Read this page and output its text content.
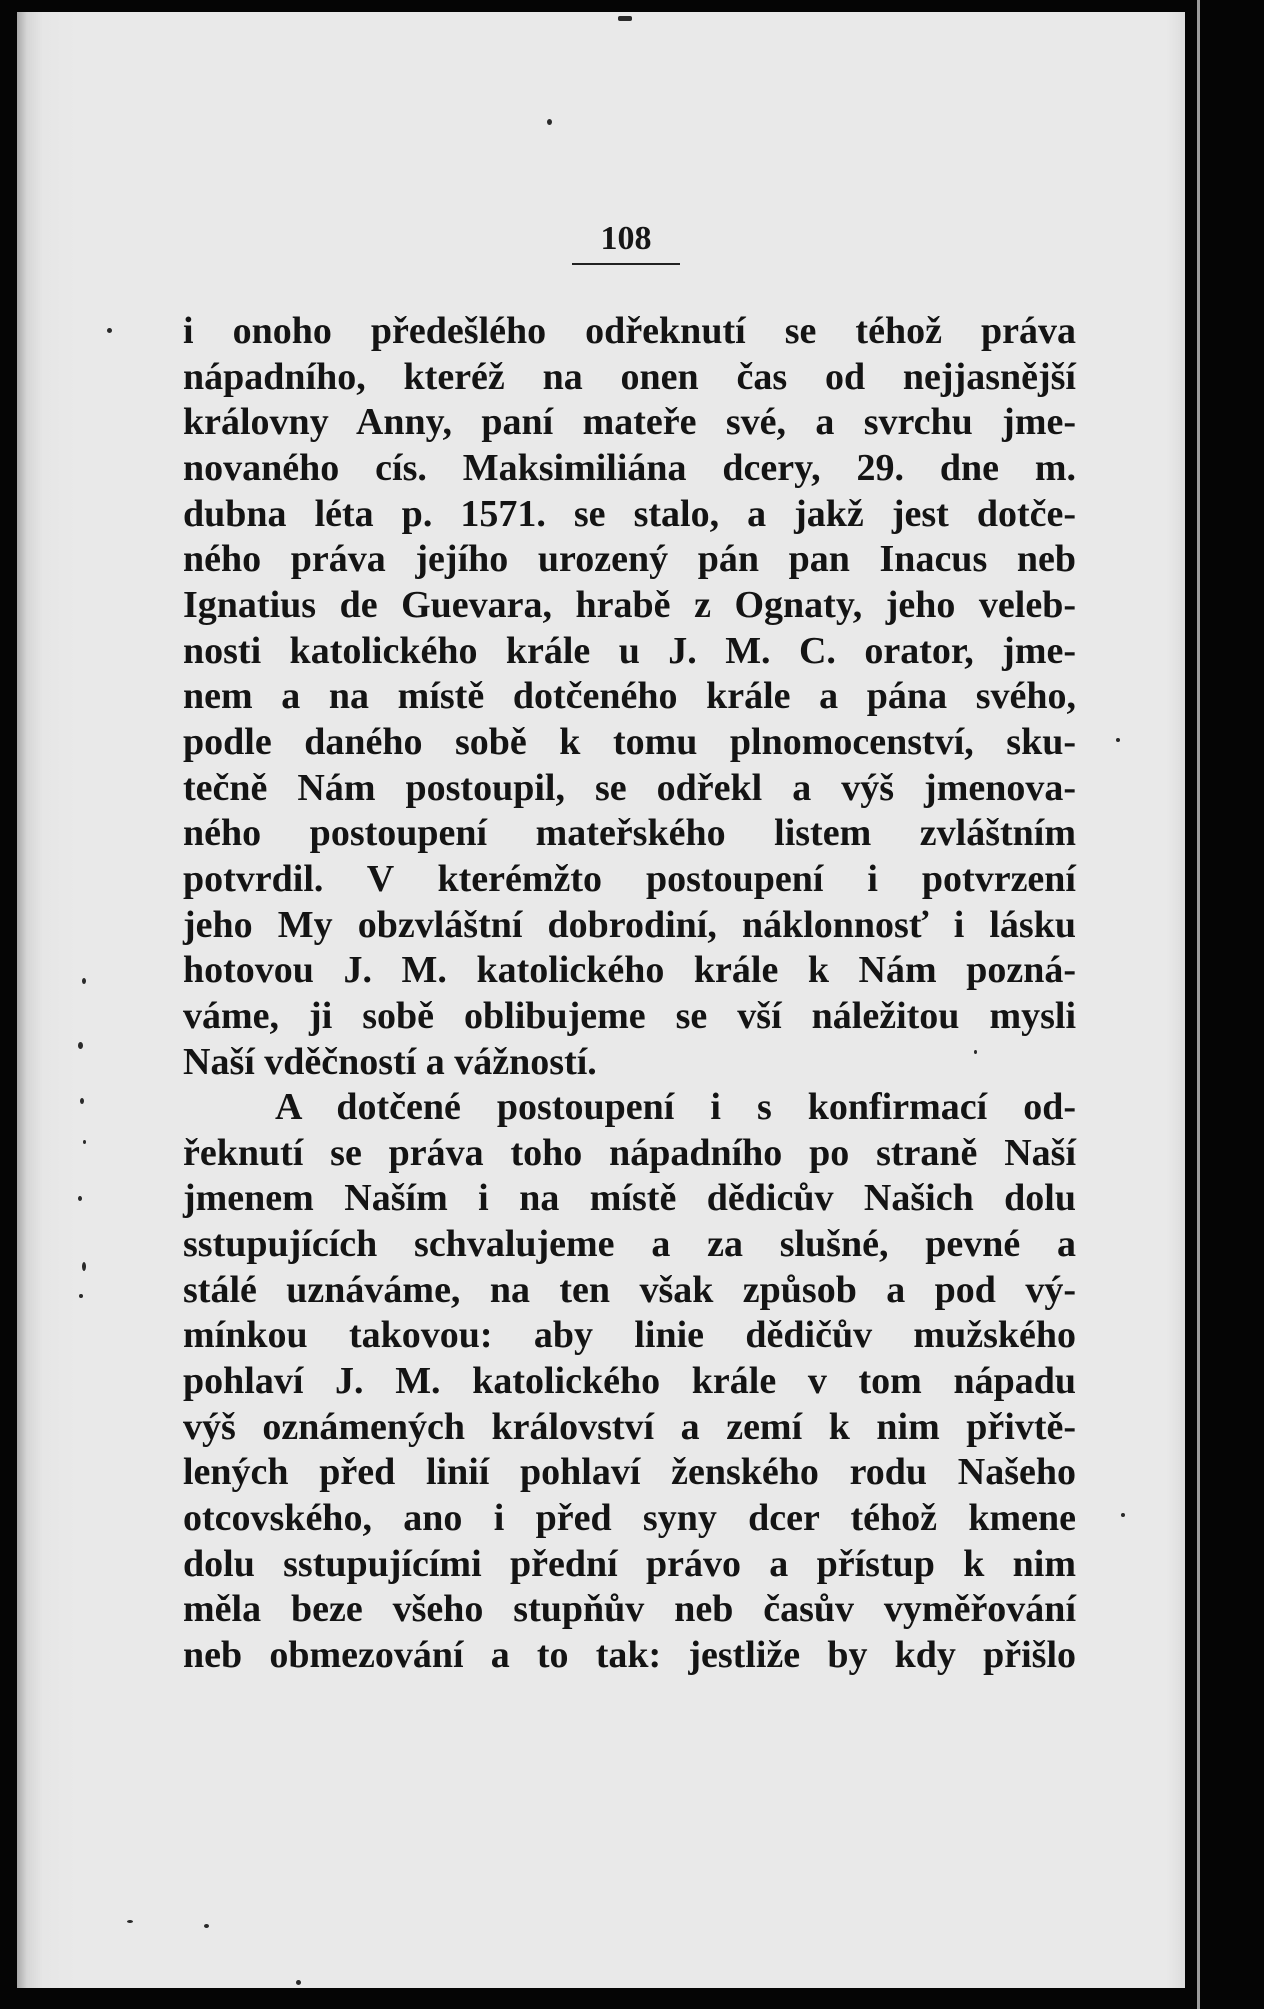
108
i onoho předešlého odřeknutí se téhož práva
nápadního, kteréž na onen čas od nejjasnější
královny Anny, paní mateře své, a svrchu jme-
novaného cís. Maksimiliána dcery, 29. dne m.
dubna léta p. 1571. se stalo, a jakž jest dotče-
ného práva jejího urozený pán pan Inacus neb
Ignatius de Guevara, hrabě z Ognaty, jeho veleb-
nosti katolického krále u J. M. C. orator, jme-
nem a na místě dotčeného krále a pána svého,
podle daného sobě k tomu plnomocenství, sku-
tečně Nám postoupil, se odřekl a výš jmenova-
ného postoupení mateřského listem zvláštním
potvrdil. V kterémžto postoupení i potvrzení
jeho My obzvláštní dobrodiní, náklonnosť i lásku
hotovou J. M. katolického krále k Nám pozná-
váme, ji sobě oblibujeme se vší náležitou mysli
Naší vděčností a vážností.
A dotčené postoupení i s konfirmací od-
řeknutí se práva toho nápadního po straně Naší
jmenem Naším i na místě dědicův Našich dolu
sstupujících schvalujeme a za slušné, pevné a
stálé uznáváme, na ten však způsob a pod vý-
mínkou takovou: aby linie dědičův mužského
pohlaví J. M. katolického krále v tom nápadu
výš oznámených království a zemí k nim přivtě-
lených před linií pohlaví ženského rodu Našeho
otcovského, ano i před syny dcer téhož kmene
dolu sstupujícími přední právo a přístup k nim
měla beze všeho stupňův neb časův vyměřování
neb obmezování a to tak: jestliže by kdy přišlo
